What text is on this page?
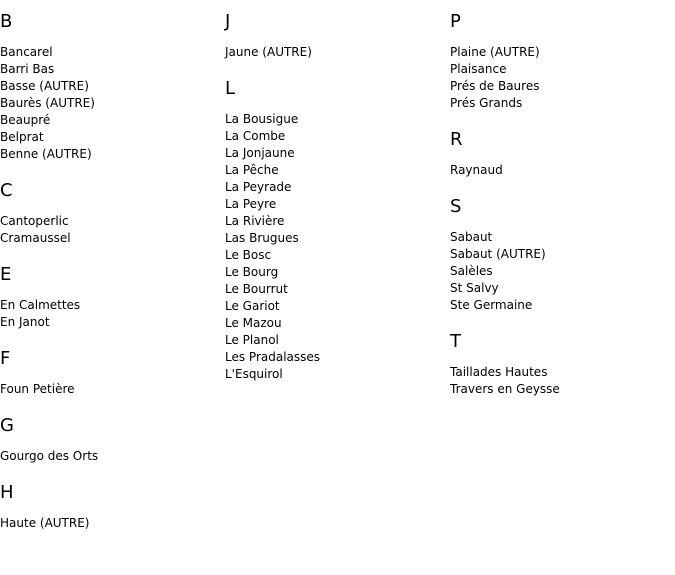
B
Bancarel
Barri Bas
Basse (AUTRE)
Baurès (AUTRE)
Beaupré
Belprat
Benne (AUTRE)
C
Cantoperlic
Cramaussel
E
En Calmettes
En Janot
F
Foun Petière
G
Gourgo des Orts
H
Haute (AUTRE)
J
Jaune (AUTRE)
L
La Bousigue
La Combe
La Jonjaune
La Pêche
La Peyrade
La Peyre
La Rivière
Las Brugues
Le Bosc
Le Bourg
Le Bourrut
Le Gariot
Le Mazou
Le Planol
Les Pradalasses
L'Esquirol
P
Plaine (AUTRE)
Plaisance
Prés de Baures
Prés Grands
R
Raynaud
S
Sabaut
Sabaut (AUTRE)
Salèles
St Salvy
Ste Germaine
T
Taillades Hautes
Travers en Geysse
